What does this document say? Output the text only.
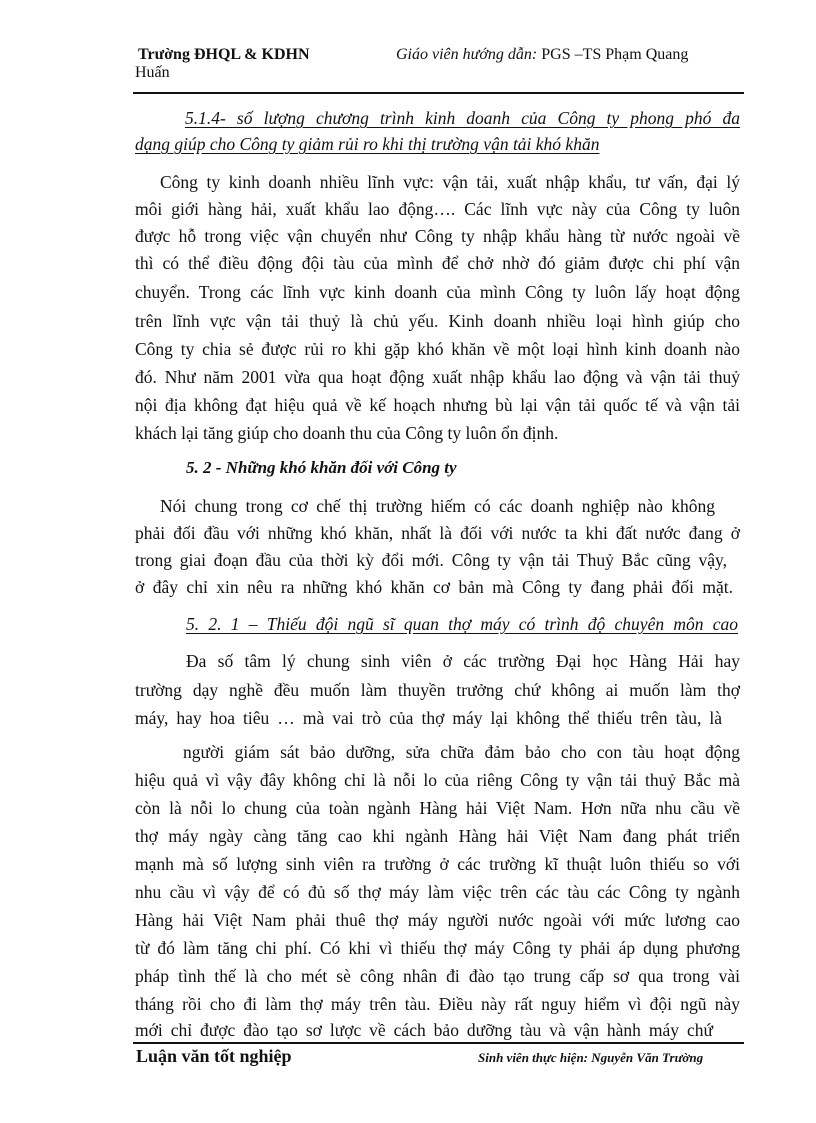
Trường ĐHQL & KDHN	Giáo viên hướng dẫn: PGS –TS Phạm Quang
Huấn
5.1.4- số lượng chương trình kinh doanh của Công ty phong phó đa
dạng giúp cho Công ty giảm rủi ro khi thị trường vận tải khó khăn
Công ty kinh doanh nhiều lĩnh vực: vận tải, xuất nhập khẩu, tư vấn, đại lý
môi giới hàng hải, xuất khẩu lao động…. Các lĩnh vực này của Công ty luôn
được hỗ trong việc vận chuyển như Công ty nhập khẩu hàng từ nước ngoài về
thì có thể điều động đội tàu của mình để chở nhờ đó giảm được chi phí vận
chuyển. Trong các lĩnh vực kinh doanh của mình Công ty luôn lấy hoạt động
trên lĩnh vực vận tải thuỷ là chủ yếu. Kinh doanh nhiều loại hình giúp cho
Công ty chia sẻ được rủi ro khi gặp khó khăn về một loại hình kinh doanh nào
đó. Như năm 2001 vừa qua hoạt động xuất nhập khẩu lao động và vận tải thuỷ
nội địa không đạt hiệu quả về kế hoạch nhưng bù lại vận tải quốc tế và vận tải
khách lại tăng giúp cho doanh thu của Công ty luôn ổn định.
5. 2 - Những khó khăn đối với Công ty
Nói chung trong cơ chế thị trường hiếm có các doanh nghiệp nào không
phải đối đầu với những khó khăn, nhất là đối với nước ta khi đất nước đang ở
trong giai đoạn đầu của thời kỳ đổi mới. Công ty vận tải Thuỷ Bắc cũng vậy,
ở đây chỉ xin nêu ra những khó khăn cơ bản mà Công ty đang phải đối mặt.
5. 2. 1 – Thiếu đội ngũ sĩ quan thợ máy có trình độ chuyên môn cao
Đa số tâm lý chung sinh viên ở các trường Đại học Hàng Hải hay
trường dạy nghề đều muốn làm thuyền trưởng chứ không ai muốn làm thợ
máy, hay hoa tiêu … mà vai trò của thợ máy lại không thể thiếu trên tàu, là
người giám sát bảo dưỡng, sửa chữa đảm bảo cho con tàu hoạt động
hiệu quả vì vậy đây không chỉ là nỗi lo của riêng Công ty vận tải thuỷ Bắc mà
còn là nỗi lo chung của toàn ngành Hàng hải Việt Nam. Hơn nữa nhu cầu về
thợ máy ngày càng tăng cao khi ngành Hàng hải Việt Nam đang phát triển
mạnh mà số lượng sinh viên ra trường ở các trường kĩ thuật luôn thiếu so với
nhu cầu vì vậy để có đủ số thợ máy làm việc trên các tàu các Công ty ngành
Hàng hải Việt Nam phải thuê thợ máy người nước ngoài với mức lương cao
từ đó làm tăng chi phí. Có khi vì thiếu thợ máy Công ty phải áp dụng phương
pháp tình thế là cho mét sè công nhân đi đào tạo trung cấp sơ qua trong vài
tháng rồi cho đi làm thợ máy trên tàu. Điều này rất nguy hiểm vì đội ngũ này
mới chỉ được đào tạo sơ lược về cách bảo dưỡng tàu và vận hành máy chứ
Luận văn tốt nghiệp	Sinh viên thực hiện: Nguyễn Văn Trường
